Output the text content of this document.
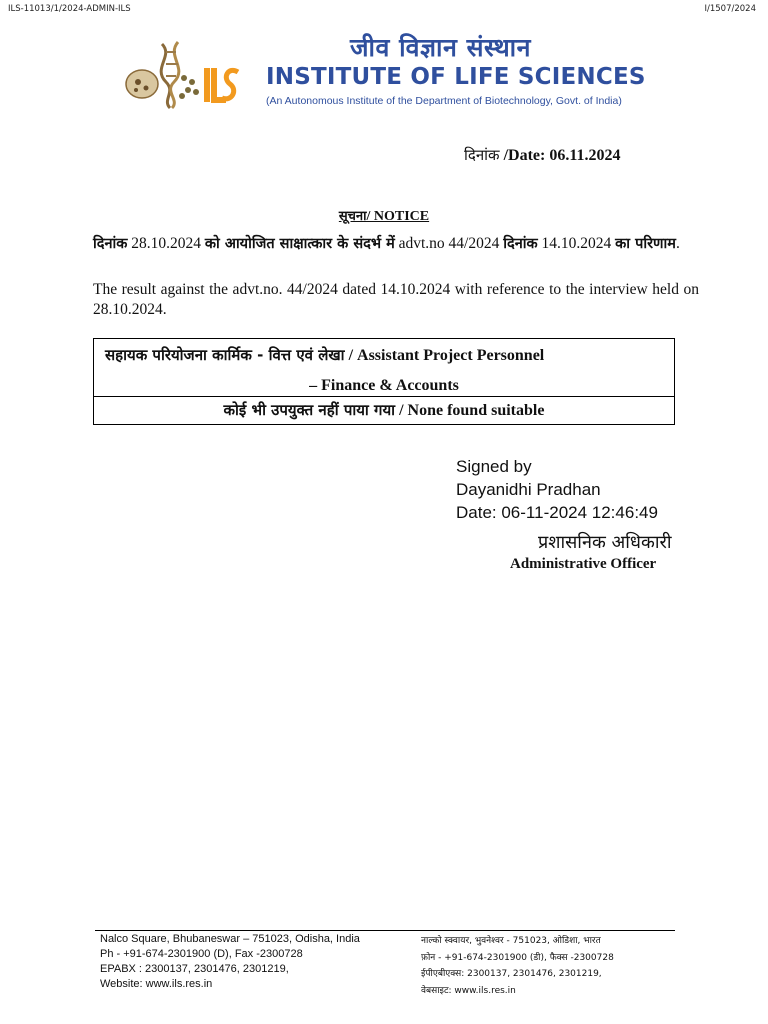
ILS-11013/1/2024-ADMIN-ILS	I/1507/2024
जीव विज्ञान संस्थान
INSTITUTE OF LIFE SCIENCES
(An Autonomous Institute of the Department of Biotechnology, Govt. of India)
दिनांक /Date: 06.11.2024
सूचना/ NOTICE
दिनांक 28.10.2024 को आयोजित साक्षात्कार के संदर्भ में advt.no 44/2024 दिनांक 14.10.2024 का परिणाम.
The result against the advt.no. 44/2024 dated 14.10.2024 with reference to the interview held on 28.10.2024.
सहायक परियोजना कार्मिक - वित्त एवं लेखा / Assistant Project Personnel
– Finance & Accounts
कोई भी उपयुक्त नहीं पाया गया / None found suitable
Signed by
Dayanidhi Pradhan
Date: 06-11-2024 12:46:49
प्रशासनिक अधिकारी
Administrative Officer
Nalco Square, Bhubaneswar – 751023, Odisha, India
Ph - +91-674-2301900 (D), Fax -2300728
EPABX : 2300137, 2301476, 2301219,
Website: www.ils.res.in
नाल्को स्क्वायर, भुवनेश्वर - 751023, ओडिशा, भारत
फ़ोन - +91-674-2301900 (डी), फैक्स -2300728
ईपीएबीएक्स: 2300137, 2301476, 2301219,
वेबसाइट: www.ils.res.in
